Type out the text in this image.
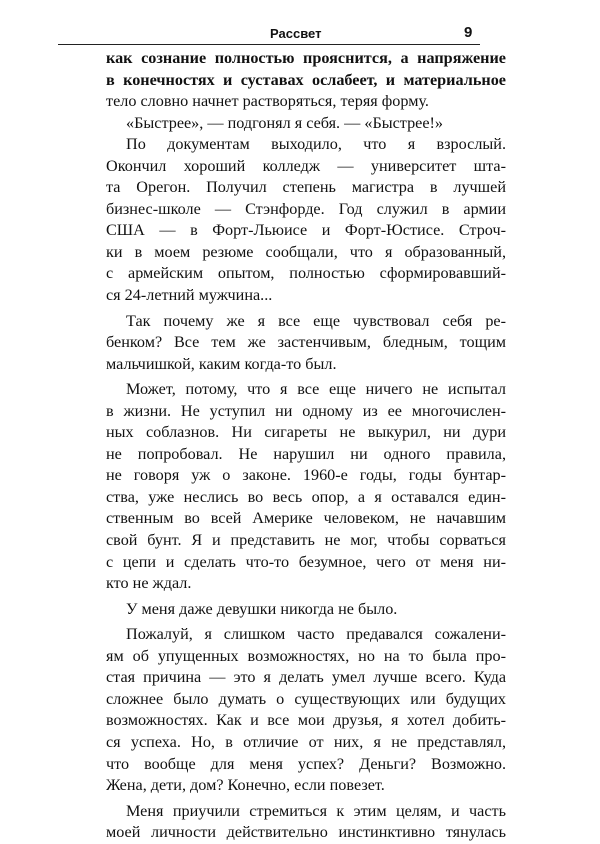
Рассвет	9
как сознание полностью прояснится, а напряжение
в конечностях и суставах ослабеет, и материальное
тело словно начнет растворяться, теряя форму.
«Быстрее», — подгонял я себя. — «Быстрее!»
По документам выходило, что я взрослый.
Окончил хороший колледж — университет шта-
та Орегон. Получил степень магистра в лучшей
бизнес-школе — Стэнфорде. Год служил в армии
США — в Форт-Льюисе и Форт-Юстисе. Строч-
ки в моем резюме сообщали, что я образованный,
с армейским опытом, полностью сформировавший-
ся 24-летний мужчина...
Так почему же я все еще чувствовал себя ре-
бенком? Все тем же застенчивым, бледным, тощим
мальчишкой, каким когда-то был.
Может, потому, что я все еще ничего не испытал
в жизни. Не уступил ни одному из ее многочислен-
ных соблазнов. Ни сигареты не выкурил, ни дури
не попробовал. Не нарушил ни одного правила,
не говоря уж о законе. 1960-е годы, годы бунтар-
ства, уже неслись во весь опор, а я оставался един-
ственным во всей Америке человеком, не начавшим
свой бунт. Я и представить не мог, чтобы сорваться
с цепи и сделать что-то безумное, чего от меня ни-
кто не ждал.
У меня даже девушки никогда не было.
Пожалуй, я слишком часто предавался сожалени-
ям об упущенных возможностях, но на то была про-
стая причина — это я делать умел лучше всего. Куда
сложнее было думать о существующих или будущих
возможностях. Как и все мои друзья, я хотел добить-
ся успеха. Но, в отличие от них, я не представлял,
что вообще для меня успех? Деньги? Возможно.
Жена, дети, дом? Конечно, если повезет.
Меня приучили стремиться к этим целям, и часть
моей личности действительно инстинктивно тянулась
